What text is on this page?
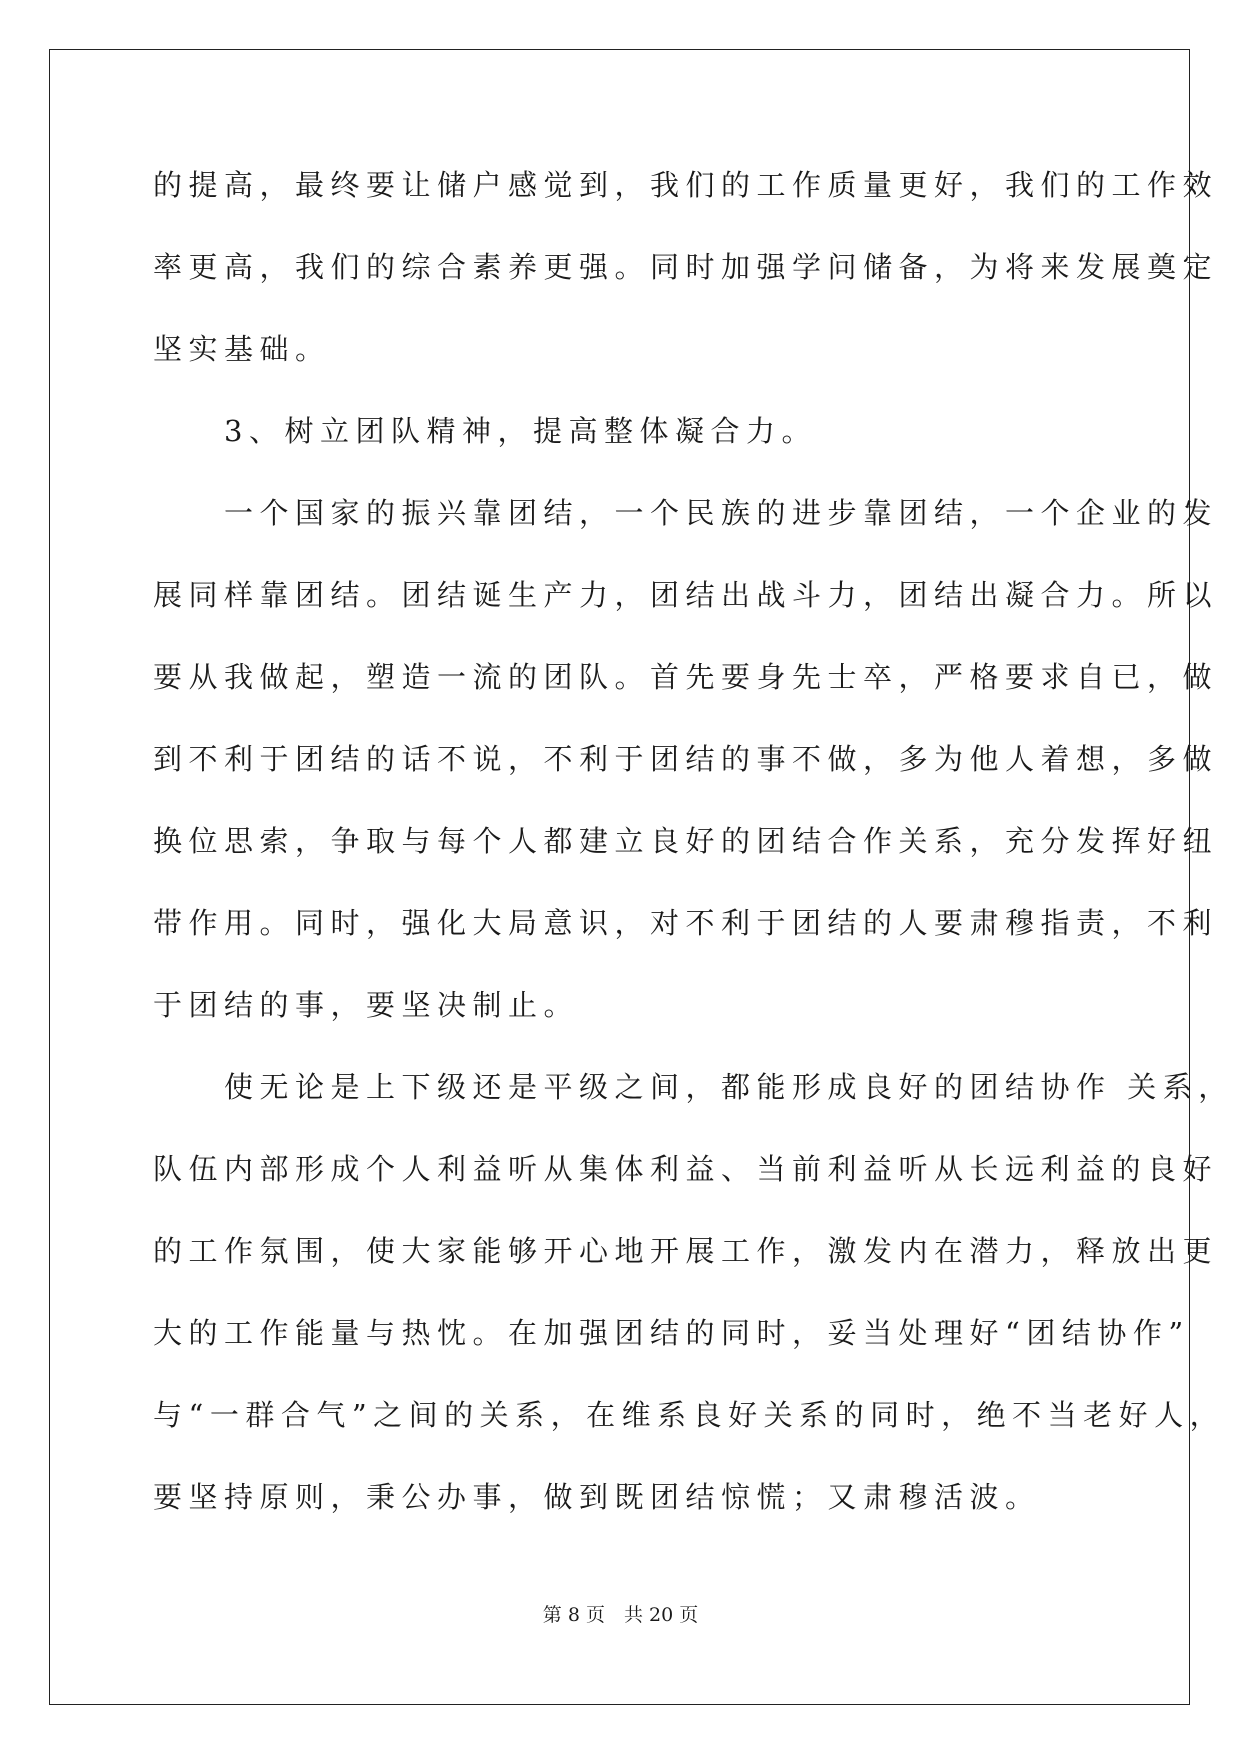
的提高，最终要让储户感觉到，我们的工作质量更好，我们的工作效
率更高，我们的综合素养更强。同时加强学问储备，为将来发展奠定
坚实基础。
　　3、树立团队精神，提高整体凝合力。
　　一个国家的振兴靠团结，一个民族的进步靠团结，一个企业的发
展同样靠团结。团结诞生产力，团结出战斗力，团结出凝合力。所以
要从我做起，塑造一流的团队。首先要身先士卒，严格要求自已，做
到不利于团结的话不说，不利于团结的事不做，多为他人着想，多做
换位思索，争取与每个人都建立良好的团结合作关系，充分发挥好纽
带作用。同时，强化大局意识，对不利于团结的人要肃穆指责，不利
于团结的事，要坚决制止。
　　使无论是上下级还是平级之间，都能形成良好的团结协作 关系，
队伍内部形成个人利益听从集体利益、当前利益听从长远利益的良好
的工作氛围，使大家能够开心地开展工作，激发内在潜力，释放出更
大的工作能量与热忱。在加强团结的同时，妥当处理好“团结协作”
与“一群合气”之间的关系，在维系良好关系的同时，绝不当老好人，
要坚持原则，秉公办事，做到既团结惊慌；又肃穆活波。
第 8 页　共 20 页
